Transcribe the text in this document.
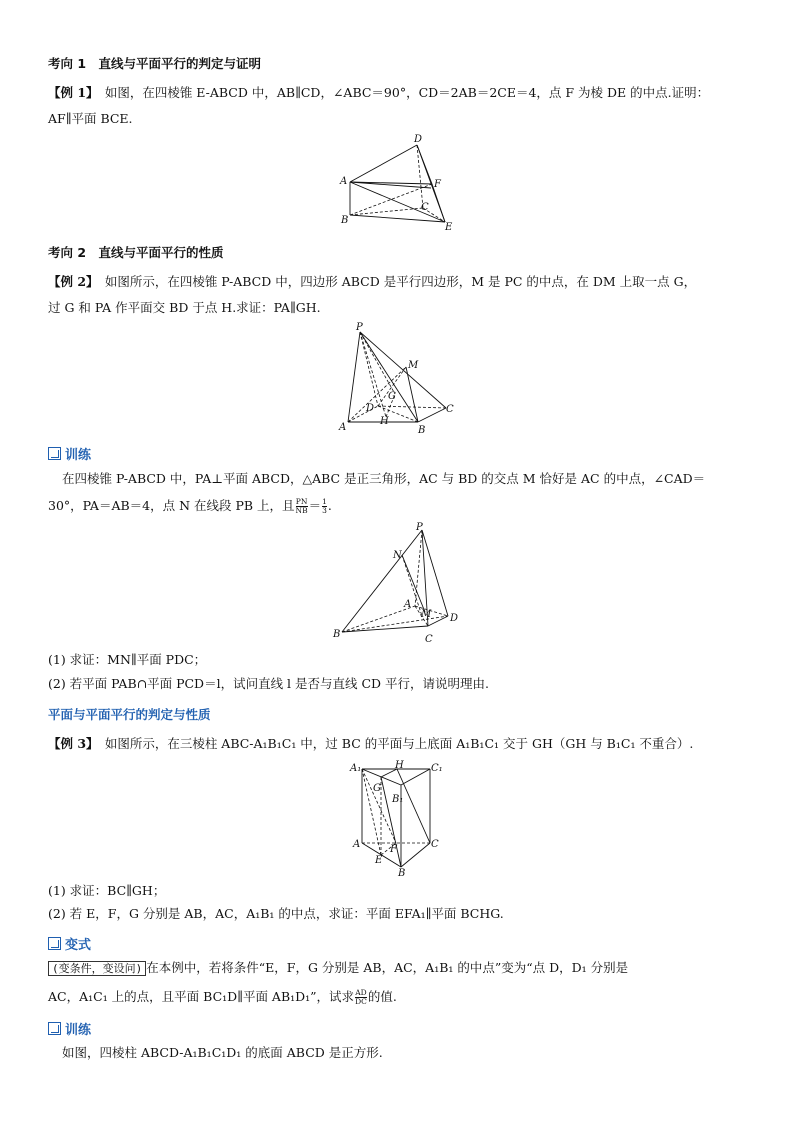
考向 1　直线与平面平行的判定与证明
【例 1】　如图，在四棱锥 E-ABCD 中，AB∥CD，∠ABC＝90°，CD＝2AB＝2CE＝4，点 F 为棱 DE 的中点.证明：
AF∥平面 BCE.
D
A	F
C
B
E
考向 2　直线与平面平行的性质
【例 2】　如图所示，在四棱锥 P-ABCD 中，四边形 ABCD 是平行四边形，M 是 PC 的中点，在 DM 上取一点 G，
过 G 和 PA 作平面交 BD 于点 H.求证：PA∥GH.
P
M
G
D	C
A
H
B
训练
在四棱锥 P-ABCD 中，PA⊥平面 ABCD，△ABC 是正三角形，AC 与 BD 的交点 M 恰好是 AC 的中点，∠CAD＝
30°，PA＝AB＝4，点 N 在线段 PB 上，且 $\frac{PN}{NB} = \frac{1}{3}$ .
P
N
A
M D
B	C
(1) 求证：MN∥平面 PDC；
(2) 若平面 PAB∩平面 PCD＝l，试问直线 l 是否与直线 CD 平行，请说明理由.
平面与平面平行的判定与性质
【例 3】　如图所示，在三棱柱 ABC-A₁B₁C₁ 中，过 BC 的平面与上底面 A₁B₁C₁ 交于 GH（GH 与 B₁C₁ 不重合）.
A₁	H	C₁
G
B₁
A	C
F
E
B
(1) 求证：BC∥GH；
(2) 若 E，F，G 分别是 AB，AC，A₁B₁ 的中点，求证：平面 EFA₁∥平面 BCHG.
变式
(变条件，变设问) 在本例中，若将条件“E，F，G 分别是 AB，AC，A₁B₁ 的中点”变为“点 D，D₁ 分别是
AC，A₁C₁ 上的点，且平面 BC₁D∥平面 AB₁D₁”，试求 $\frac{AD}{DC}$ 的值.
训练
如图，四棱柱 ABCD-A₁B₁C₁D₁ 的底面 ABCD 是正方形.
